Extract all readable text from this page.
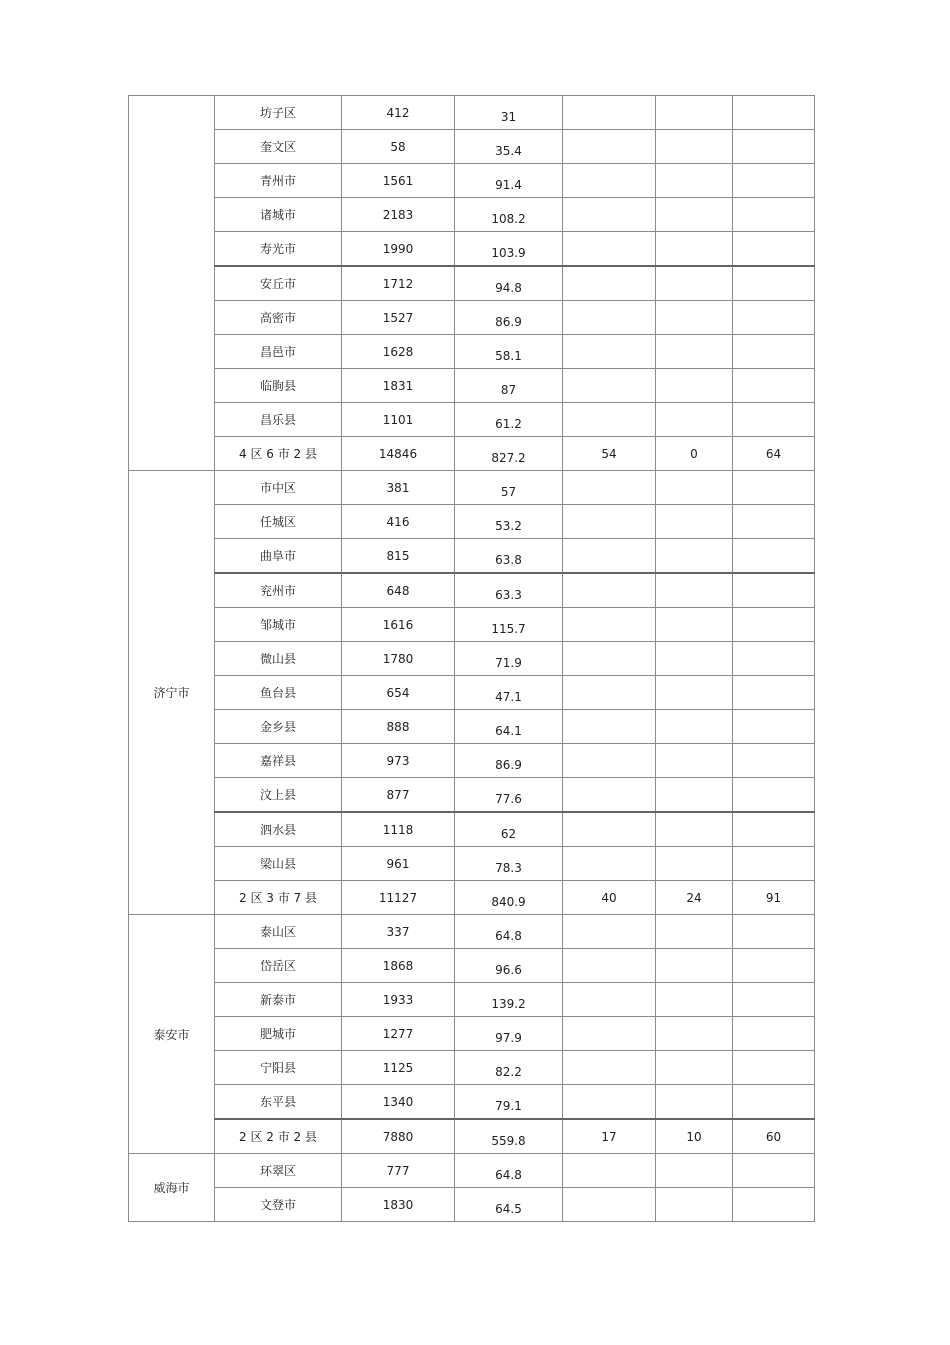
	坊子区	412	31			
	奎文区	58	35.4			
	青州市	1561	91.4			
	诸城市	2183	108.2			
	寿光市	1990	103.9			
	安丘市	1712	94.8			
	高密市	1527	86.9			
	昌邑市	1628	58.1			
	临朐县	1831	87			
	昌乐县	1101	61.2			
	4 区 6 市 2 县	14846	827.2	54	0	64
济宁市	市中区	381	57			
	任城区	416	53.2			
	曲阜市	815	63.8			
	兖州市	648	63.3			
	邹城市	1616	115.7			
	微山县	1780	71.9			
	鱼台县	654	47.1			
	金乡县	888	64.1			
	嘉祥县	973	86.9			
	汶上县	877	77.6			
	泗水县	1118	62			
	梁山县	961	78.3			
	2 区 3 市 7 县	11127	840.9	40	24	91
泰安市	泰山区	337	64.8			
	岱岳区	1868	96.6			
	新泰市	1933	139.2			
	肥城市	1277	97.9			
	宁阳县	1125	82.2			
	东平县	1340	79.1			
	2 区 2 市 2 县	7880	559.8	17	10	60
威海市	环翠区	777	64.8			
	文登市	1830	64.5			
